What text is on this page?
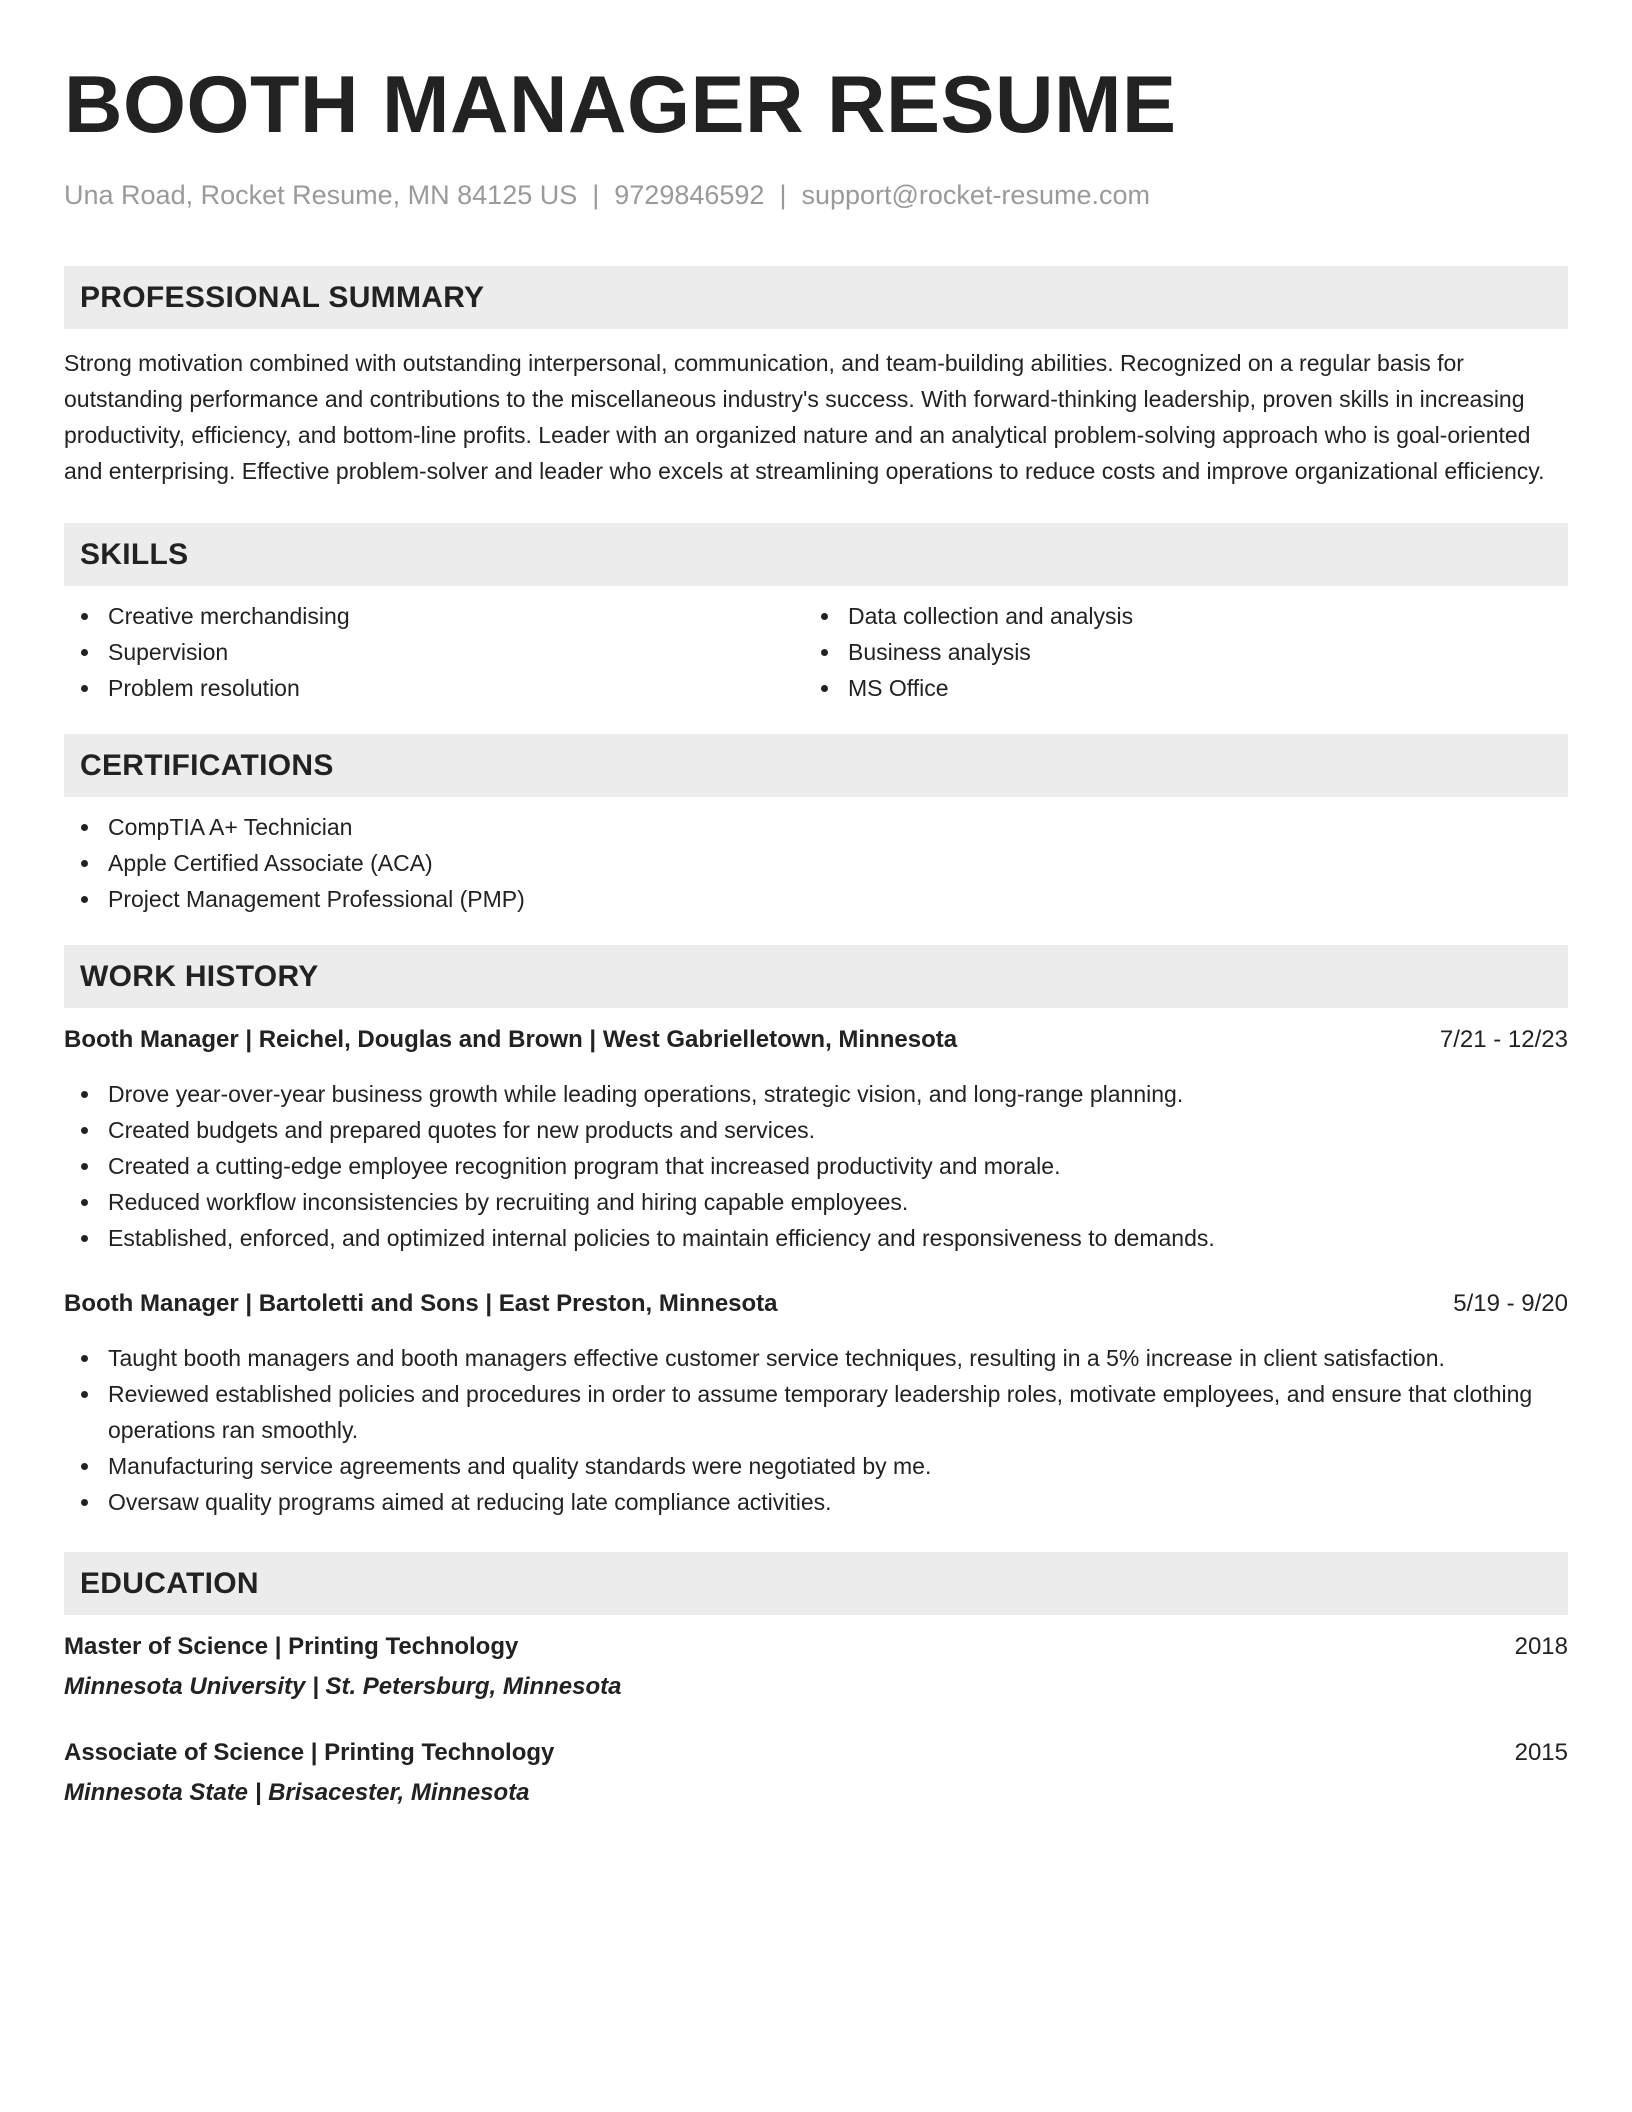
BOOTH MANAGER RESUME
Una Road, Rocket Resume, MN 84125 US | 9729846592 | support@rocket-resume.com
PROFESSIONAL SUMMARY

Strong motivation combined with outstanding interpersonal, communication, and team-building abilities. Recognized on a regular basis for outstanding performance and contributions to the miscellaneous industry's success. With forward-thinking leadership, proven skills in increasing productivity, efficiency, and bottom-line profits. Leader with an organized nature and an analytical problem-solving approach who is goal-oriented and enterprising. Effective problem-solver and leader who excels at streamlining operations to reduce costs and improve organizational efficiency.

SKILLS
Creative merchandising
Supervision
Problem resolution
Data collection and analysis
Business analysis
MS Office
CERTIFICATIONS
CompTIA A+ Technician
Apple Certified Associate (ACA)
Project Management Professional (PMP)
WORK HISTORY
Booth Manager | Reichel, Douglas and Brown | West Gabrielletown, Minnesota	7/21 - 12/23
Drove year-over-year business growth while leading operations, strategic vision, and long-range planning.
Created budgets and prepared quotes for new products and services.
Created a cutting-edge employee recognition program that increased productivity and morale.
Reduced workflow inconsistencies by recruiting and hiring capable employees.
Established, enforced, and optimized internal policies to maintain efficiency and responsiveness to demands.
Booth Manager | Bartoletti and Sons | East Preston, Minnesota	5/19 - 9/20
Taught booth managers and booth managers effective customer service techniques, resulting in a 5% increase in client satisfaction.
Reviewed established policies and procedures in order to assume temporary leadership roles, motivate employees, and ensure that clothing operations ran smoothly.
Manufacturing service agreements and quality standards were negotiated by me.
Oversaw quality programs aimed at reducing late compliance activities.
EDUCATION
Master of Science | Printing Technology	2018
Minnesota University | St. Petersburg, Minnesota
Associate of Science | Printing Technology	2015
Minnesota State | Brisacester, Minnesota
